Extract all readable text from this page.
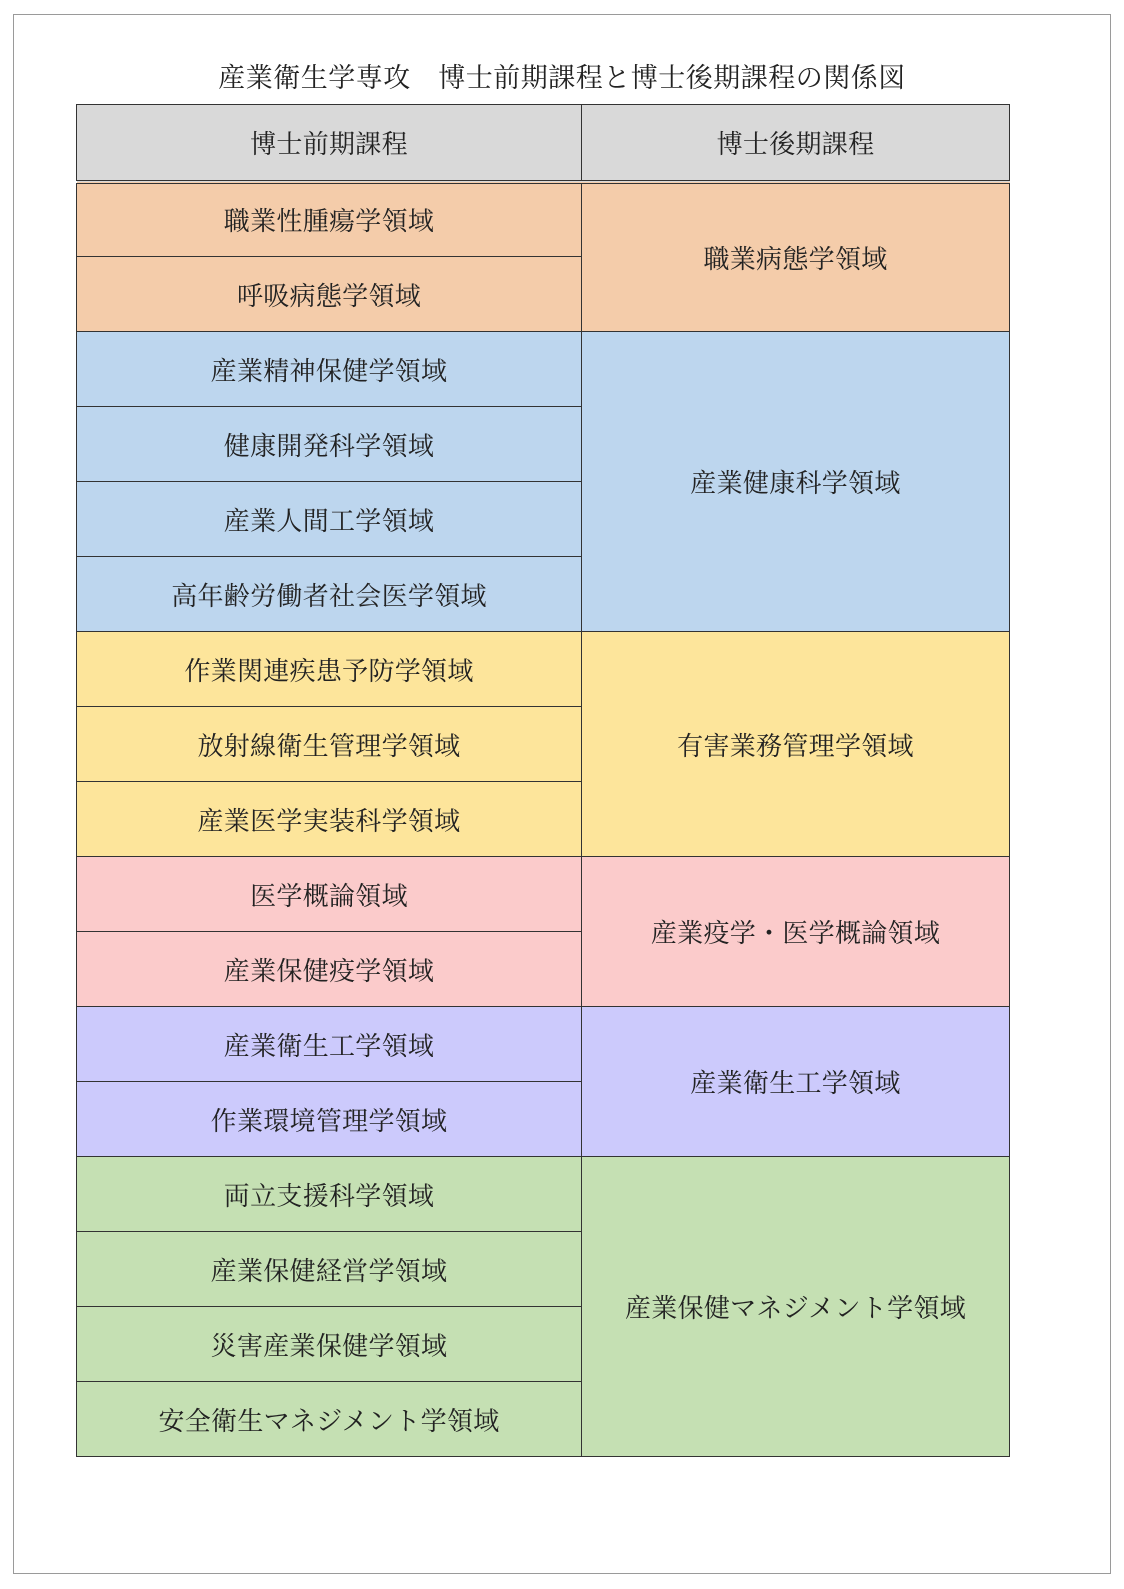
産業衛生学専攻　博士前期課程と博士後期課程の関係図
博士前期課程	博士後期課程
職業性腫瘍学領域	職業病態学領域
呼吸病態学領域	
産業精神保健学領域	産業健康科学領域
健康開発科学領域	
産業人間工学領域	
高年齢労働者社会医学領域	
作業関連疾患予防学領域	有害業務管理学領域
放射線衛生管理学領域	
産業医学実装科学領域	
医学概論領域	産業疫学・医学概論領域
産業保健疫学領域	
産業衛生工学領域	産業衛生工学領域
作業環境管理学領域	
両立支援科学領域	産業保健マネジメント学領域
産業保健経営学領域	
災害産業保健学領域	
安全衛生マネジメント学領域	
